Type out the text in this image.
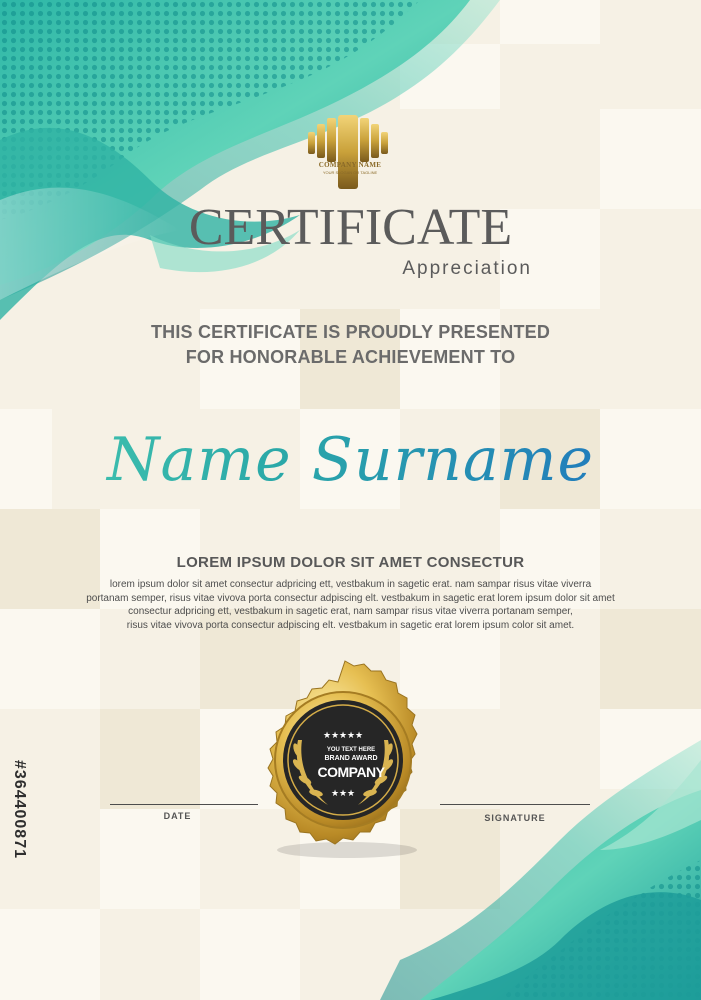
★ ★ ★ ★ ★
★ ★ ★
COMPANY NAME
YOUR SLOGAN OR TAGLINE
CERTIFICATE
Appreciation
THIS CERTIFICATE IS PROUDLY PRESENTED
FOR HONORABLE ACHIEVEMENT TO
Name Surname
LOREM IPSUM DOLOR SIT AMET CONSECTUR
lorem ipsum dolor sit amet consectur adpricing ett, vestbakum in sagetic erat. nam sampar risus vitae viverra
portanam semper, risus vitae vivova porta consectur adpiscing elt. vestbakum in sagetic erat lorem ipsum dolor sit amet
consectur adpricing ett, vestbakum in sagetic erat, nam sampar risus vitae viverra portanam semper,
risus vitae vivova porta consectur adpiscing elt. vestbakum in sagetic erat lorem ipsum color sit amet.
DATE	SIGNATURE
YOU TEXT HERE
BRAND AWARD
COMPANY
#364400871
